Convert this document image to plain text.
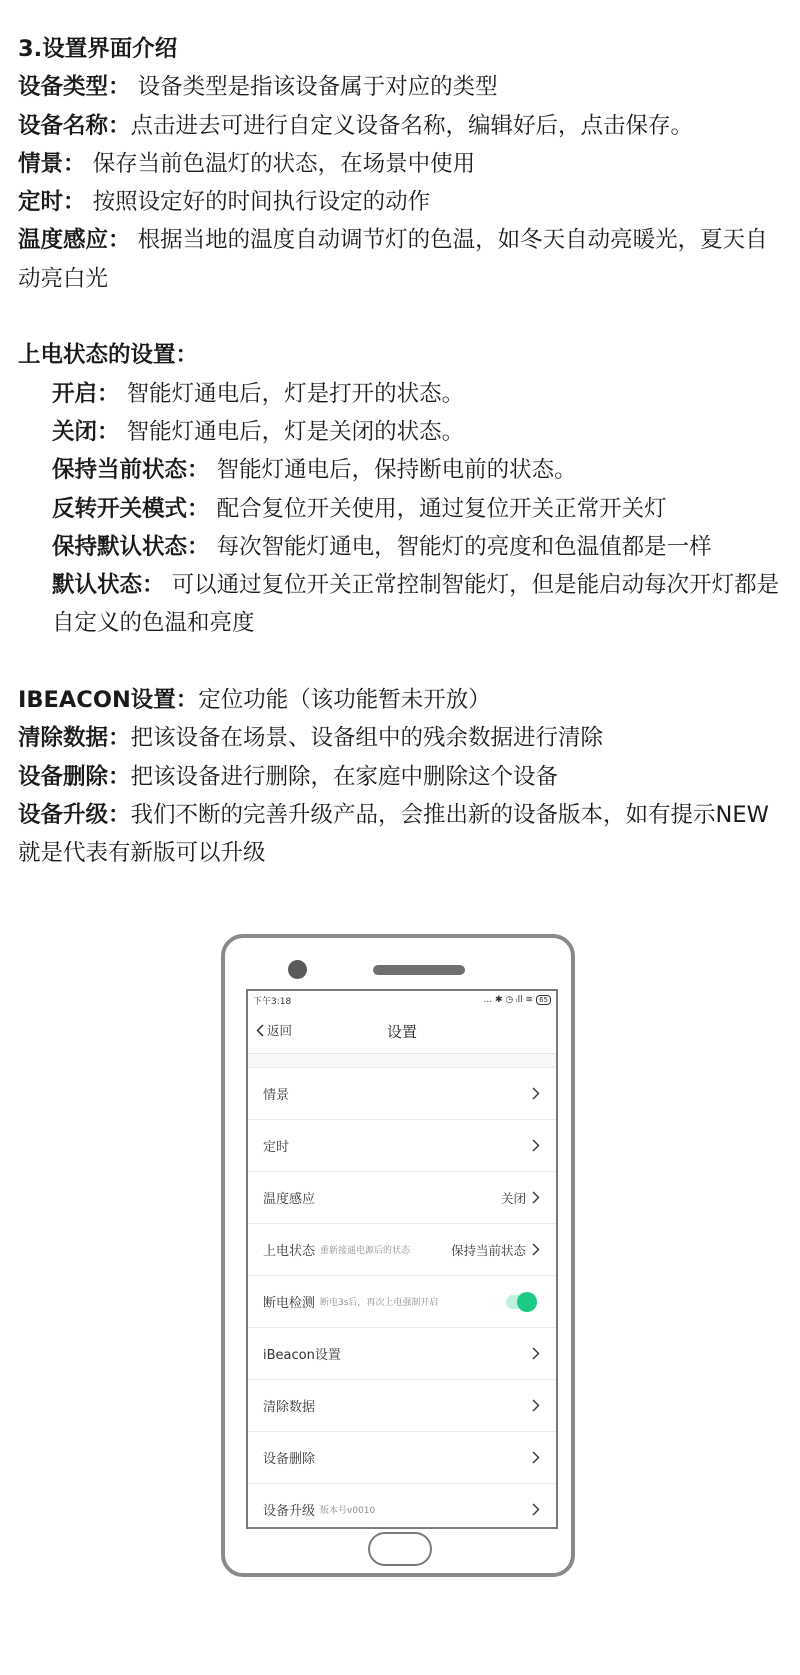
3.设置界面介绍
设备类型： 设备类型是指该设备属于对应的类型
设备名称：点击进去可进行自定义设备名称，编辑好后，点击保存。
情景： 保存当前色温灯的状态，在场景中使用
定时： 按照设定好的时间执行设定的动作
温度感应： 根据当地的温度自动调节灯的色温，如冬天自动亮暖光，夏天自动亮白光
上电状态的设置：
开启： 智能灯通电后，灯是打开的状态。
关闭： 智能灯通电后，灯是关闭的状态。
保持当前状态： 智能灯通电后，保持断电前的状态。
反转开关模式： 配合复位开关使用，通过复位开关正常开关灯
保持默认状态： 每次智能灯通电，智能灯的亮度和色温值都是一样
默认状态： 可以通过复位开关正常控制智能灯，但是能启动每次开灯都是自定义的色温和亮度
IBEACON设置：定位功能（该功能暂未开放）
清除数据：把该设备在场景、设备组中的残余数据进行清除
设备删除：把该设备进行删除，在家庭中删除这个设备
设备升级：我们不断的完善升级产品，会推出新的设备版本，如有提示NEW就是代表有新版可以升级
下午3:18	... ✱ ◷ ᵢll ≋ 65
返回	设置
情景
定时
温度感应	关闭
上电状态 重新接通电源后的状态	保持当前状态
断电检测 断电3s后，再次上电强制开启
iBeacon设置
清除数据
设备删除
设备升级 版本号v0010
